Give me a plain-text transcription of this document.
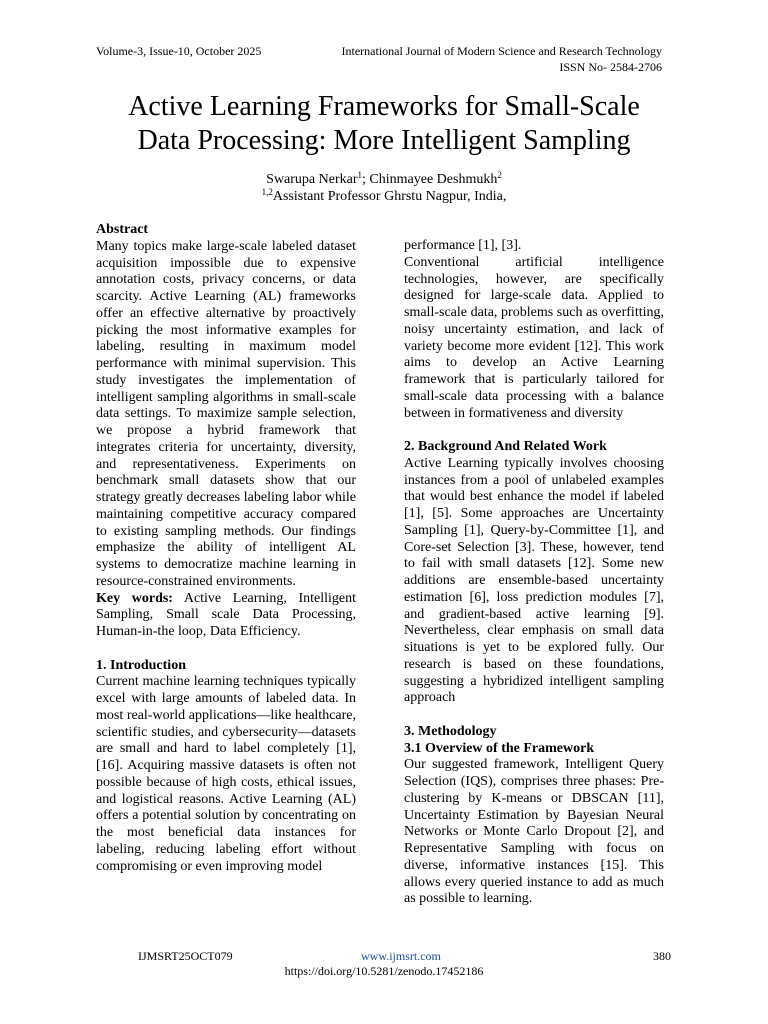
Volume-3, Issue-10, October 2025	International Journal of Modern Science and Research Technology
ISSN No- 2584-2706
Active Learning Frameworks for Small-Scale
Data Processing: More Intelligent Sampling
Swarupa Nerkar$^1$; Chinmayee Deshmukh$^2$
$^{1,2}$Assistant Professor Ghrstu Nagpur, India,

Abstract

Many topics make large-scale labeled dataset acquisition impossible due to expensive annotation costs, privacy concerns, or data scarcity. Active Learning (AL) frameworks offer an effective alternative by proactively picking the most informative examples for labeling, resulting in maximum model performance with minimal supervision. This study investigates the implementation of intelligent sampling algorithms in small-scale data settings. To maximize sample selection, we propose a hybrid framework that integrates criteria for uncertainty, diversity, and representativeness. Experiments on benchmark small datasets show that our strategy greatly decreases labeling labor while maintaining competitive accuracy compared to existing sampling methods. Our findings emphasize the ability of intelligent AL systems to democratize machine learning in resource-constrained environments.

Key words: Active Learning, Intelligent Sampling, Small scale Data Processing, Human-in-the loop, Data Efficiency.

1. Introduction

Current machine learning techniques typically excel with large amounts of labeled data. In most real-world applications—like healthcare, scientific studies, and cybersecurity—datasets are small and hard to label completely [1], [16]. Acquiring massive datasets is often not possible because of high costs, ethical issues, and logistical reasons. Active Learning (AL) offers a potential solution by concentrating on the most beneficial data instances for labeling, reducing labeling effort without compromising or even improving model

performance [1], [3].

Conventional artificial intelligence technologies, however, are specifically designed for large-scale data. Applied to small-scale data, problems such as overfitting, noisy uncertainty estimation, and lack of variety become more evident [12]. This work aims to develop an Active Learning framework that is particularly tailored for small-scale data processing with a balance between in formativeness and diversity

2. Background And Related Work

Active Learning typically involves choosing instances from a pool of unlabeled examples that would best enhance the model if labeled [1], [5]. Some approaches are Uncertainty Sampling [1], Query-by-Committee [1], and Core-set Selection [3]. These, however, tend to fail with small datasets [12]. Some new additions are ensemble-based uncertainty estimation [6], loss prediction modules [7], and gradient-based active learning [9]. Nevertheless, clear emphasis on small data situations is yet to be explored fully. Our research is based on these foundations, suggesting a hybridized intelligent sampling approach

3. Methodology

3.1 Overview of the Framework

Our suggested framework, Intelligent Query Selection (IQS), comprises three phases: Pre-clustering by K-means or DBSCAN [11], Uncertainty Estimation by Bayesian Neural Networks or Monte Carlo Dropout [2], and Representative Sampling with focus on diverse, informative instances [15]. This allows every queried instance to add as much as possible to learning.

IJMSRT25OCT079	www.ijmsrt.com	380
https://doi.org/10.5281/zenodo.17452186
